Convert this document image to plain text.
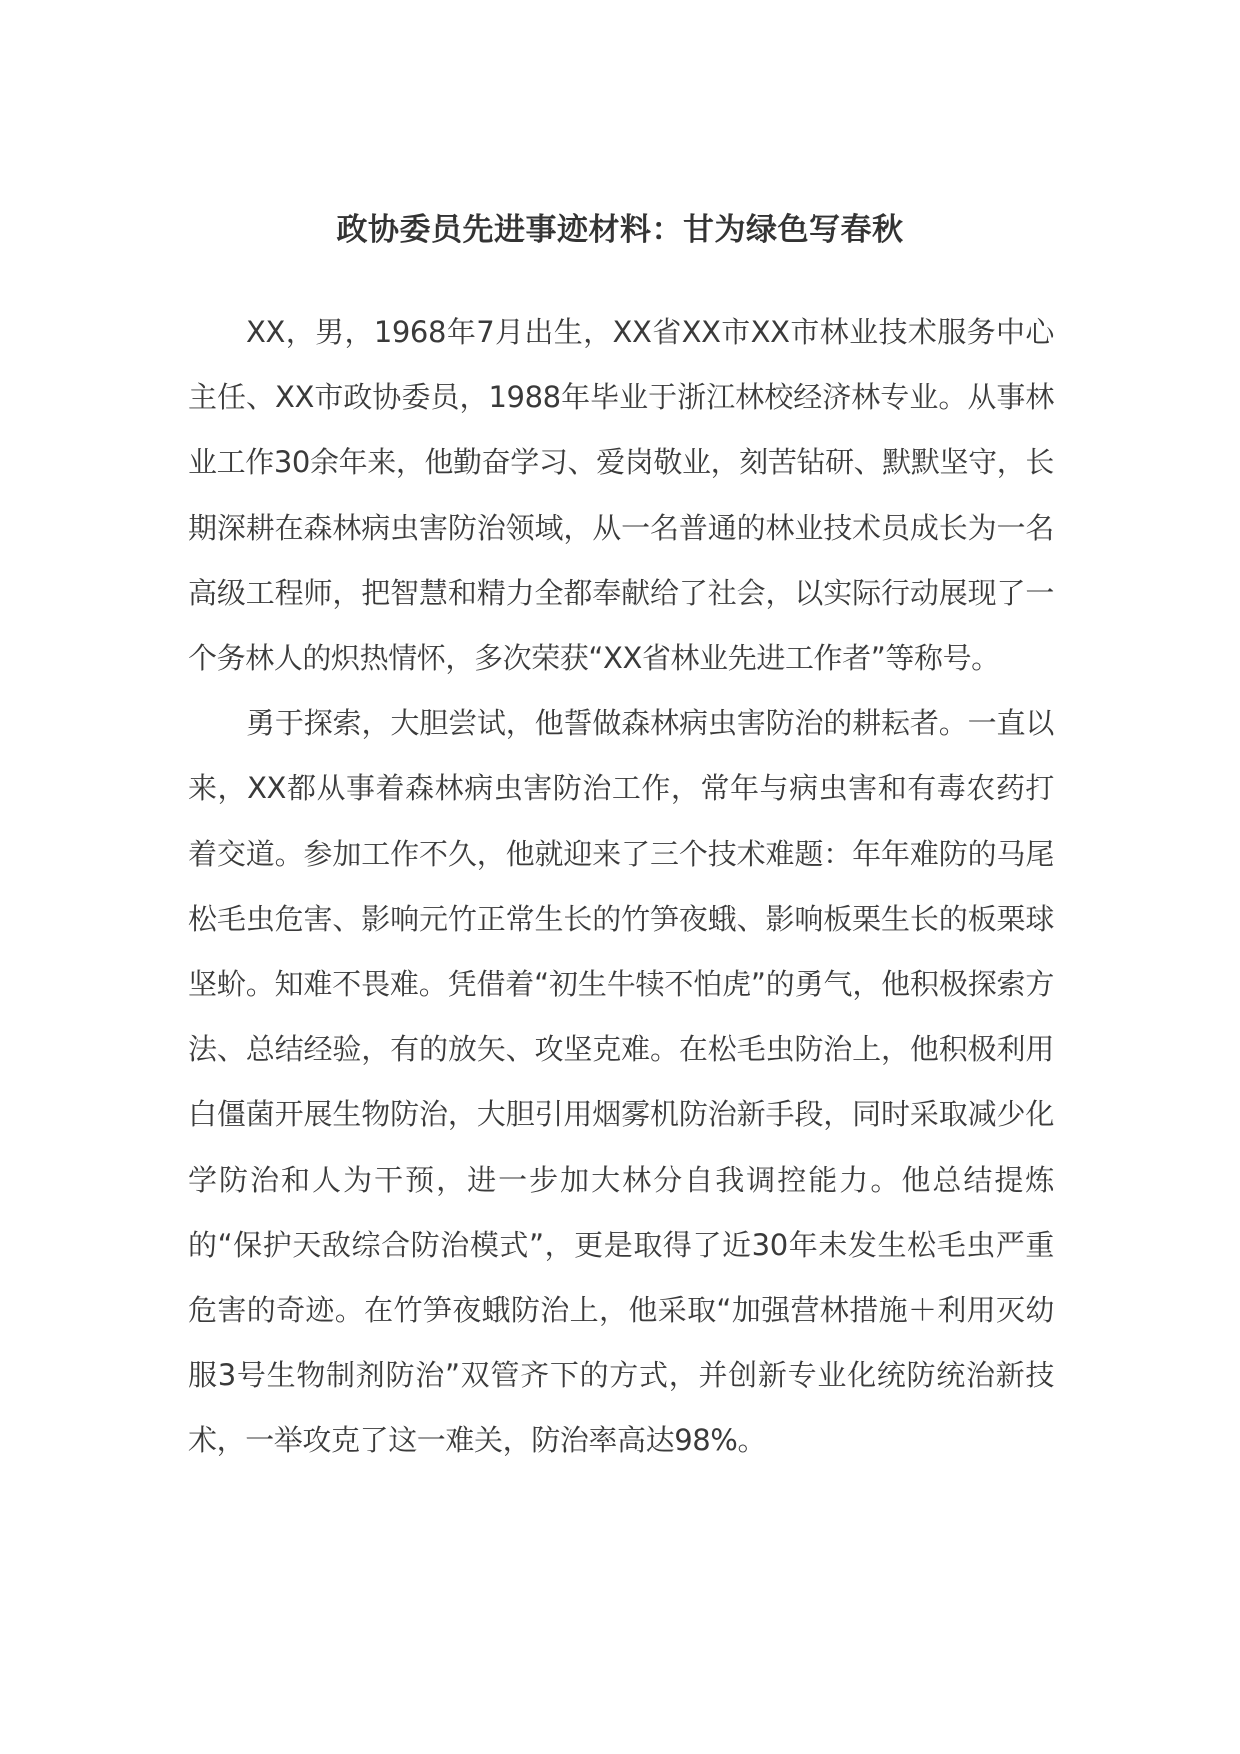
政协委员先进事迹材料：甘为绿色写春秋

XX，男，1968年7月出生，XX省XX市XX市林业技术服务中心主任、XX市政协委员，1988年毕业于浙江林校经济林专业。从事林业工作30余年来，他勤奋学习、爱岗敬业，刻苦钻研、默默坚守，长期深耕在森林病虫害防治领域，从一名普通的林业技术员成长为一名高级工程师，把智慧和精力全都奉献给了社会，以实际行动展现了一个务林人的炽热情怀，多次荣获“XX省林业先进工作者”等称号。

勇于探索，大胆尝试，他誓做森林病虫害防治的耕耘者。一直以来，XX都从事着森林病虫害防治工作，常年与病虫害和有毒农药打着交道。参加工作不久，他就迎来了三个技术难题：年年难防的马尾松毛虫危害、影响元竹正常生长的竹笋夜蛾、影响板栗生长的板栗球坚蚧。知难不畏难。凭借着“初生牛犊不怕虎”的勇气，他积极探索方法、总结经验，有的放矢、攻坚克难。在松毛虫防治上，他积极利用白僵菌开展生物防治，大胆引用烟雾机防治新手段，同时采取减少化学防治和人为干预，进一步加大林分自我调控能力。他总结提炼的“保护天敌综合防治模式”，更是取得了近30年未发生松毛虫严重危害的奇迹。在竹笋夜蛾防治上，他采取“加强营林措施＋利用灭幼服3号生物制剂防治”双管齐下的方式，并创新专业化统防统治新技术，一举攻克了这一难关，防治率高达98%。
